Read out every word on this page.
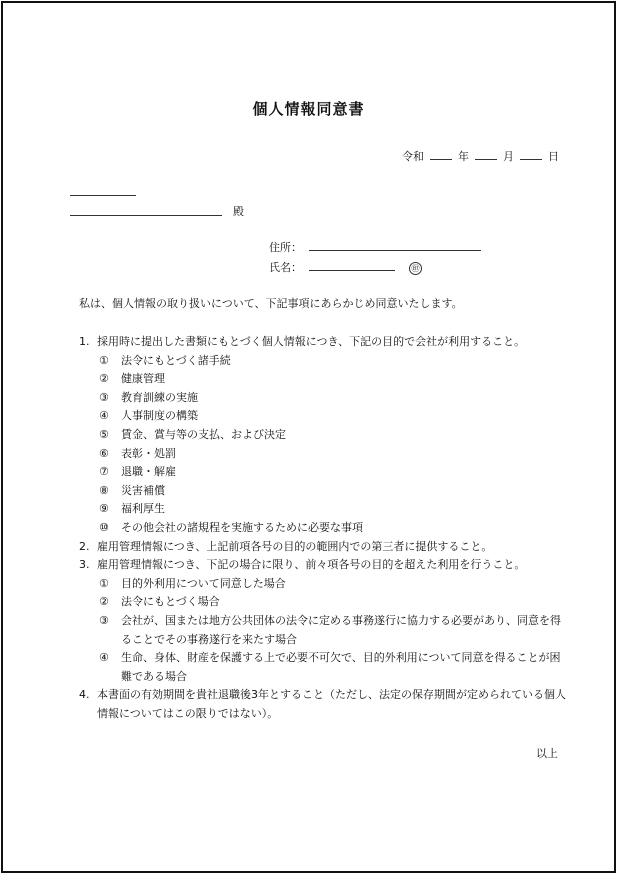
個人情報同意書
令和	年	月	日
殿
住所：
氏名：	㊞
私は、個人情報の取り扱いについて、下記事項にあらかじめ同意いたします。
1. 採用時に提出した書類にもとづく個人情報につき、下記の目的で会社が利用すること。
①	法令にもとづく諸手続
②	健康管理
③	教育訓練の実施
④	人事制度の構築
⑤	賃金、賞与等の支払、および決定
⑥	表彰・処罰
⑦	退職・解雇
⑧	災害補償
⑨	福利厚生
⑩	その他会社の諸規程を実施するために必要な事項
2. 雇用管理情報につき、上記前項各号の目的の範囲内での第三者に提供すること。
3. 雇用管理情報につき、下記の場合に限り、前々項各号の目的を超えた利用を行うこと。
①	目的外利用について同意した場合
②	法令にもとづく場合
③	会社が、国または地方公共団体の法令に定める事務遂行に協力する必要があり、同意を得ることでその事務遂行を来たす場合
④	生命、身体、財産を保護する上で必要不可欠で、目的外利用について同意を得ることが困難である場合
4. 本書面の有効期間を貴社退職後3年とすること（ただし、法定の保存期間が定められている個人情報についてはこの限りではない）。
以上
